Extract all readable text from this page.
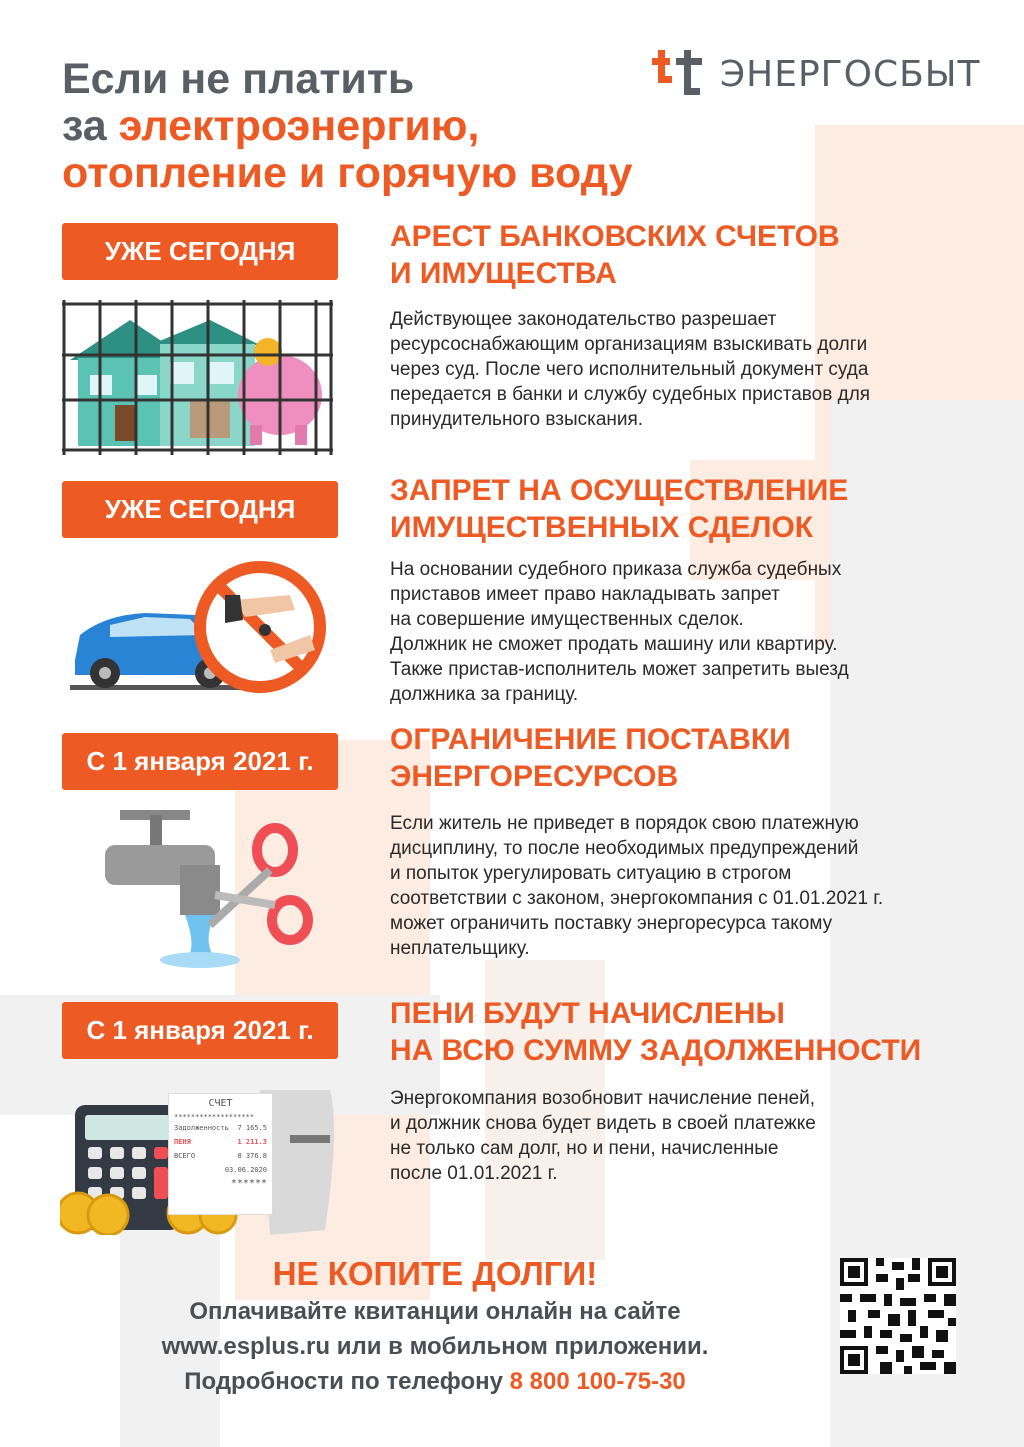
Если не платить
за электроэнергию,
отопление и горячую воду
ЭНЕРГОСБЫТ
УЖЕ СЕГОДНЯ	АРЕСТ БАНКОВСКИХ СЧЕТОВ
И ИМУЩЕСТВА
Действующее законодательство разрешает
ресурсоснабжающим организациям взыскивать долги
через суд. После чего исполнительный документ суда
передается в банки и службу судебных приставов для
принудительного взыскания.
УЖЕ СЕГОДНЯ
ЗАПРЕТ НА ОСУЩЕСТВЛЕНИЕ
ИМУЩЕСТВЕННЫХ СДЕЛОК
На основании судебного приказа служба судебных
приставов имеет право накладывать запрет
на совершение имущественных сделок.
Должник не сможет продать машину или квартиру.
Также пристав-исполнитель может запретить выезд
должника за границу.
С 1 января 2021 г.
ОГРАНИЧЕНИЕ ПОСТАВКИ
ЭНЕРГОРЕСУРСОВ
Если житель не приведет в порядок свою платежную
дисциплину, то после необходимых предупреждений
и попыток урегулировать ситуацию в строгом
соответствии с законом, энергокомпания с 01.01.2021 г.
может ограничить поставку энергоресурса такому
неплательщику.
С 1 января 2021 г.	ПЕНИ БУДУТ НАЧИСЛЕНЫ
НА ВСЮ СУММУ ЗАДОЛЖЕННОСТИ
Энергокомпания возобновит начисление пеней,
и должник снова будет видеть в своей платежке
не только сам долг, но и пени, начисленные
после 01.01.2021 г.
СЧЕТ
*******************
Задолженность 7 165.5
ПЕНЯ	1 211.3
ВСЕГО	8 376.8
03.06.2020
******
НЕ КОПИТЕ ДОЛГИ!
Оплачивайте квитанции онлайн на сайте
www.esplus.ru или в мобильном приложении.
Подробности по телефону 8 800 100-75-30
